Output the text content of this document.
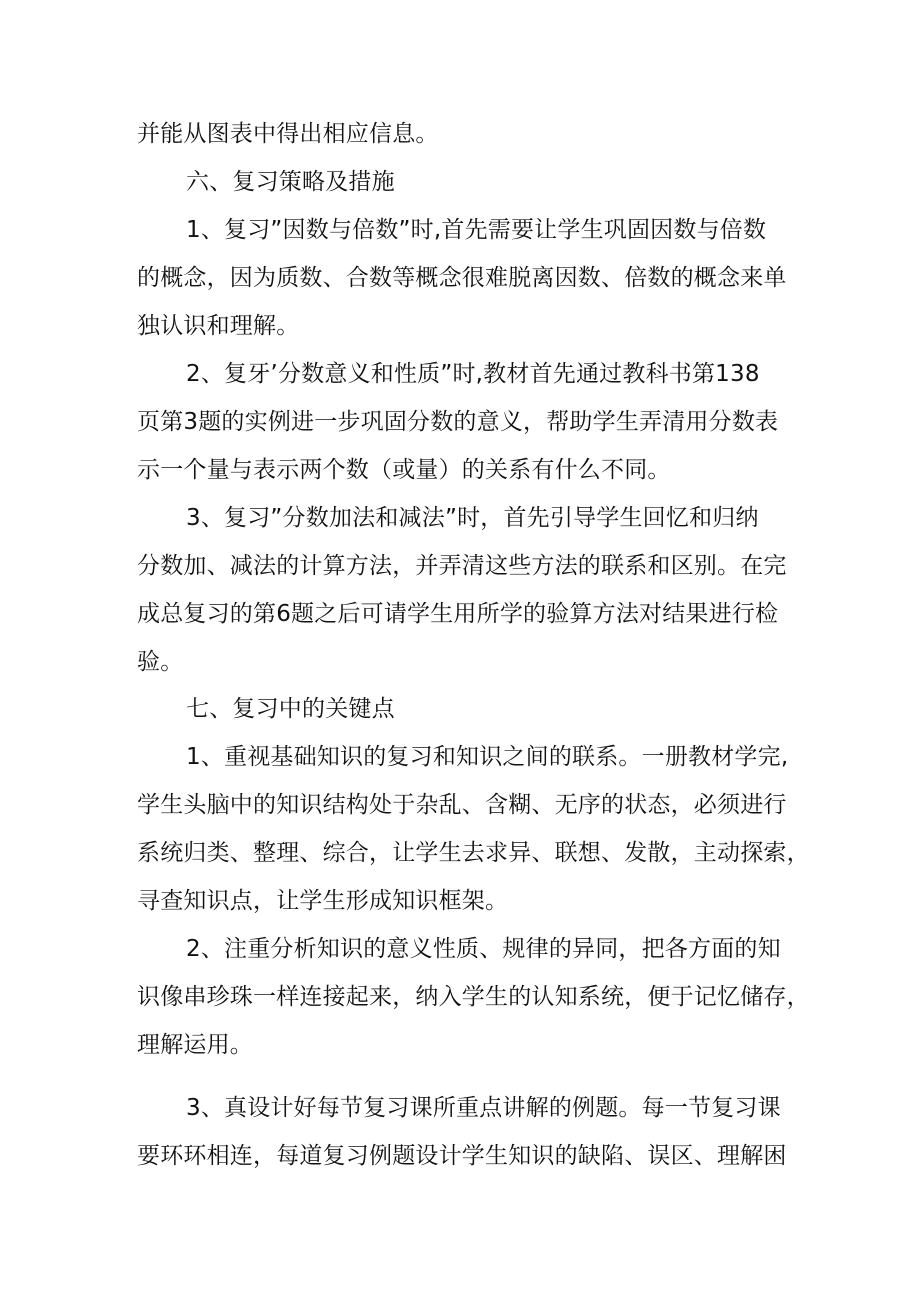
并能从图表中得出相应信息。
六、复习策略及措施
1、复习”因数与倍数”时,首先需要让学生巩固因数与倍数
的概念，因为质数、合数等概念很难脱离因数、倍数的概念来单
独认识和理解。
2、复牙’分数意义和性质”时,教材首先通过教科书第138
页第3题的实例进一步巩固分数的意义，帮助学生弄清用分数表
示一个量与表示两个数（或量）的关系有什么不同。
3、复习”分数加法和减法”时，首先引导学生回忆和归纳
分数加、减法的计算方法，并弄清这些方法的联系和区别。在完
成总复习的第6题之后可请学生用所学的验算方法对结果进行检
验。
七、复习中的关键点
1、重视基础知识的复习和知识之间的联系。一册教材学完,
学生头脑中的知识结构处于杂乱、含糊、无序的状态，必须进行
系统归类、整理、综合，让学生去求异、联想、发散，主动探索，
寻查知识点，让学生形成知识框架。
2、注重分析知识的意义性质、规律的异同，把各方面的知
识像串珍珠一样连接起来，纳入学生的认知系统，便于记忆储存，
理解运用。
3、真设计好每节复习课所重点讲解的例题。每一节复习课
要环环相连，每道复习例题设计学生知识的缺陷、误区、理解困
